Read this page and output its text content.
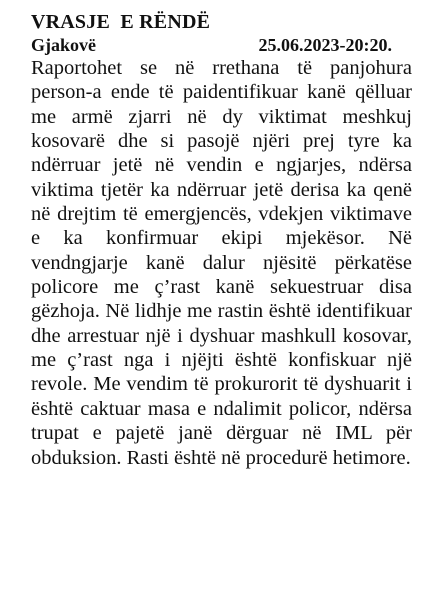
VRASJE  E RËNDË
Gjakovë	25.06.2023-20:20.

Raportohet se në rrethana të panjohura person-a ende të paidentifikuar kanë qëlluar me armë zjarri në dy viktimat meshkuj kosovarë dhe si pasojë njëri prej tyre ka ndërruar jetë në vendin e ngjarjes, ndërsa viktima tjetër ka ndërruar jetë derisa ka qenë në drejtim të emergjencës, vdekjen viktimave e ka konfirmuar ekipi mjekësor. Në vendngjarje kanë dalur njësitë përkatëse policore me ç’rast kanë sekuestruar disa gëzhoja. Në lidhje me rastin është identifikuar dhe arrestuar një i dyshuar mashkull kosovar, me ç’rast nga i njëjti është konfiskuar një revole. Me vendim të prokurorit të dyshuarit i është caktuar masa e ndalimit policor, ndërsa trupat e pajetë janë dërguar në IML për obduksion. Rasti është në procedurë hetimore.
